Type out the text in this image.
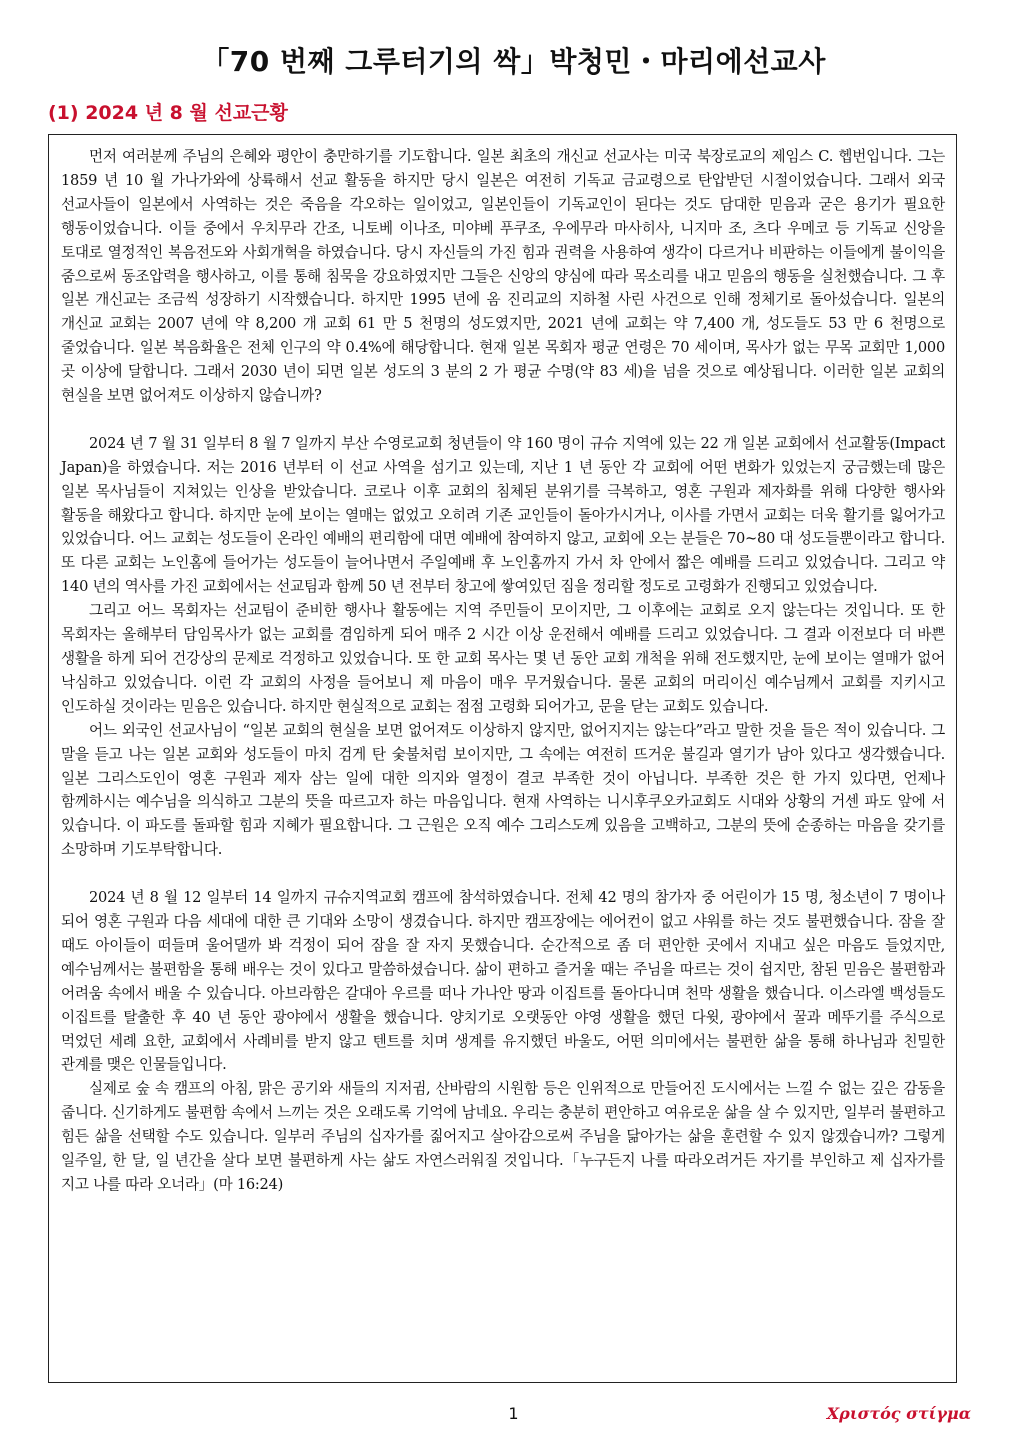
「70 번째 그루터기의 싹」박청민・마리에선교사
(1) 2024 년 8 월 선교근황

먼저 여러분께 주님의 은혜와 평안이 충만하기를 기도합니다. 일본 최초의 개신교 선교사는 미국 북장로교의 제임스 C. 헵번입니다. 그는 1859 년 10 월 가나가와에 상륙해서 선교 활동을 하지만 당시 일본은 여전히 기독교 금교령으로 탄압받던 시절이었습니다. 그래서 외국 선교사들이 일본에서 사역하는 것은 죽음을 각오하는 일이었고, 일본인들이 기독교인이 된다는 것도 담대한 믿음과 굳은 용기가 필요한 행동이었습니다. 이들 중에서 우치무라 간조, 니토베 이나조, 미야베 푸쿠조, 우에무라 마사히사, 니지마 조, 츠다 우메코 등 기독교 신앙을 토대로 열정적인 복음전도와 사회개혁을 하였습니다. 당시 자신들의 가진 힘과 권력을 사용하여 생각이 다르거나 비판하는 이들에게 불이익을 줌으로써 동조압력을 행사하고, 이를 통해 침묵을 강요하였지만 그들은 신앙의 양심에 따라 목소리를 내고 믿음의 행동을 실천했습니다. 그 후 일본 개신교는 조금씩 성장하기 시작했습니다. 하지만 1995 년에 옴 진리교의 지하철 사린 사건으로 인해 정체기로 돌아섰습니다. 일본의 개신교 교회는 2007 년에 약 8,200 개 교회 61 만 5 천명의 성도였지만, 2021 년에 교회는 약 7,400 개, 성도들도 53 만 6 천명으로 줄었습니다. 일본 복음화율은 전체 인구의 약 0.4%에 해당합니다. 현재 일본 목회자 평균 연령은 70 세이며, 목사가 없는 무목 교회만 1,000 곳 이상에 달합니다. 그래서 2030 년이 되면 일본 성도의 3 분의 2 가 평균 수명(약 83 세)을 넘을 것으로 예상됩니다. 이러한 일본 교회의 현실을 보면 없어져도 이상하지 않습니까?

2024 년 7 월 31 일부터 8 월 7 일까지 부산 수영로교회 청년들이 약 160 명이 규슈 지역에 있는 22 개 일본 교회에서 선교활동(Impact Japan)을 하였습니다. 저는 2016 년부터 이 선교 사역을 섬기고 있는데, 지난 1 년 동안 각 교회에 어떤 변화가 있었는지 궁금했는데 많은 일본 목사님들이 지쳐있는 인상을 받았습니다. 코로나 이후 교회의 침체된 분위기를 극복하고, 영혼 구원과 제자화를 위해 다양한 행사와 활동을 해왔다고 합니다. 하지만 눈에 보이는 열매는 없었고 오히려 기존 교인들이 돌아가시거나, 이사를 가면서 교회는 더욱 활기를 잃어가고 있었습니다. 어느 교회는 성도들이 온라인 예배의 편리함에 대면 예배에 참여하지 않고, 교회에 오는 분들은 70~80 대 성도들뿐이라고 합니다. 또 다른 교회는 노인홈에 들어가는 성도들이 늘어나면서 주일예배 후 노인홈까지 가서 차 안에서 짧은 예배를 드리고 있었습니다. 그리고 약 140 년의 역사를 가진 교회에서는 선교팀과 함께 50 년 전부터 창고에 쌓여있던 짐을 정리할 정도로 고령화가 진행되고 있었습니다.

그리고 어느 목회자는 선교팀이 준비한 행사나 활동에는 지역 주민들이 모이지만, 그 이후에는 교회로 오지 않는다는 것입니다. 또 한 목회자는 올해부터 담임목사가 없는 교회를 겸임하게 되어 매주 2 시간 이상 운전해서 예배를 드리고 있었습니다. 그 결과 이전보다 더 바쁜 생활을 하게 되어 건강상의 문제로 걱정하고 있었습니다. 또 한 교회 목사는 몇 년 동안 교회 개척을 위해 전도했지만, 눈에 보이는 열매가 없어 낙심하고 있었습니다. 이런 각 교회의 사정을 들어보니 제 마음이 매우 무거웠습니다. 물론 교회의 머리이신 예수님께서 교회를 지키시고 인도하실 것이라는 믿음은 있습니다. 하지만 현실적으로 교회는 점점 고령화 되어가고, 문을 닫는 교회도 있습니다.

어느 외국인 선교사님이 “일본 교회의 현실을 보면 없어져도 이상하지 않지만, 없어지지는 않는다”라고 말한 것을 들은 적이 있습니다. 그 말을 듣고 나는 일본 교회와 성도들이 마치 검게 탄 숯불처럼 보이지만, 그 속에는 여전히 뜨거운 불길과 열기가 남아 있다고 생각했습니다. 일본 그리스도인이 영혼 구원과 제자 삼는 일에 대한 의지와 열정이 결코 부족한 것이 아닙니다. 부족한 것은 한 가지 있다면, 언제나 함께하시는 예수님을 의식하고 그분의 뜻을 따르고자 하는 마음입니다. 현재 사역하는 니시후쿠오카교회도 시대와 상황의 거센 파도 앞에 서 있습니다. 이 파도를 돌파할 힘과 지혜가 필요합니다. 그 근원은 오직 예수 그리스도께 있음을 고백하고, 그분의 뜻에 순종하는 마음을 갖기를 소망하며 기도부탁합니다.

2024 년 8 월 12 일부터 14 일까지 규슈지역교회 캠프에 참석하였습니다. 전체 42 명의 참가자 중 어린이가 15 명, 청소년이 7 명이나 되어 영혼 구원과 다음 세대에 대한 큰 기대와 소망이 생겼습니다. 하지만 캠프장에는 에어컨이 없고 샤워를 하는 것도 불편했습니다. 잠을 잘 때도 아이들이 떠들며 울어댈까 봐 걱정이 되어 잠을 잘 자지 못했습니다. 순간적으로 좀 더 편안한 곳에서 지내고 싶은 마음도 들었지만, 예수님께서는 불편함을 통해 배우는 것이 있다고 말씀하셨습니다. 삶이 편하고 즐거울 때는 주님을 따르는 것이 쉽지만, 참된 믿음은 불편함과 어려움 속에서 배울 수 있습니다. 아브라함은 갈대아 우르를 떠나 가나안 땅과 이집트를 돌아다니며 천막 생활을 했습니다. 이스라엘 백성들도 이집트를 탈출한 후 40 년 동안 광야에서 생활을 했습니다. 양치기로 오랫동안 야영 생활을 했던 다윗, 광야에서 꿀과 메뚜기를 주식으로 먹었던 세례 요한, 교회에서 사례비를 받지 않고 텐트를 치며 생계를 유지했던 바울도, 어떤 의미에서는 불편한 삶을 통해 하나님과 친밀한 관계를 맺은 인물들입니다.

실제로 숲 속 캠프의 아침, 맑은 공기와 새들의 지저귐, 산바람의 시원함 등은 인위적으로 만들어진 도시에서는 느낄 수 없는 깊은 감동을 줍니다. 신기하게도 불편함 속에서 느끼는 것은 오래도록 기억에 남네요. 우리는 충분히 편안하고 여유로운 삶을 살 수 있지만, 일부러 불편하고 힘든 삶을 선택할 수도 있습니다. 일부러 주님의 십자가를 짊어지고 살아감으로써 주님을 닮아가는 삶을 훈련할 수 있지 않겠습니까? 그렇게 일주일, 한 달, 일 년간을 살다 보면 불편하게 사는 삶도 자연스러워질 것입니다.「누구든지 나를 따라오려거든 자기를 부인하고 제 십자가를 지고 나를 따라 오너라」(마 16:24)

1	Χριστός στίγμα
